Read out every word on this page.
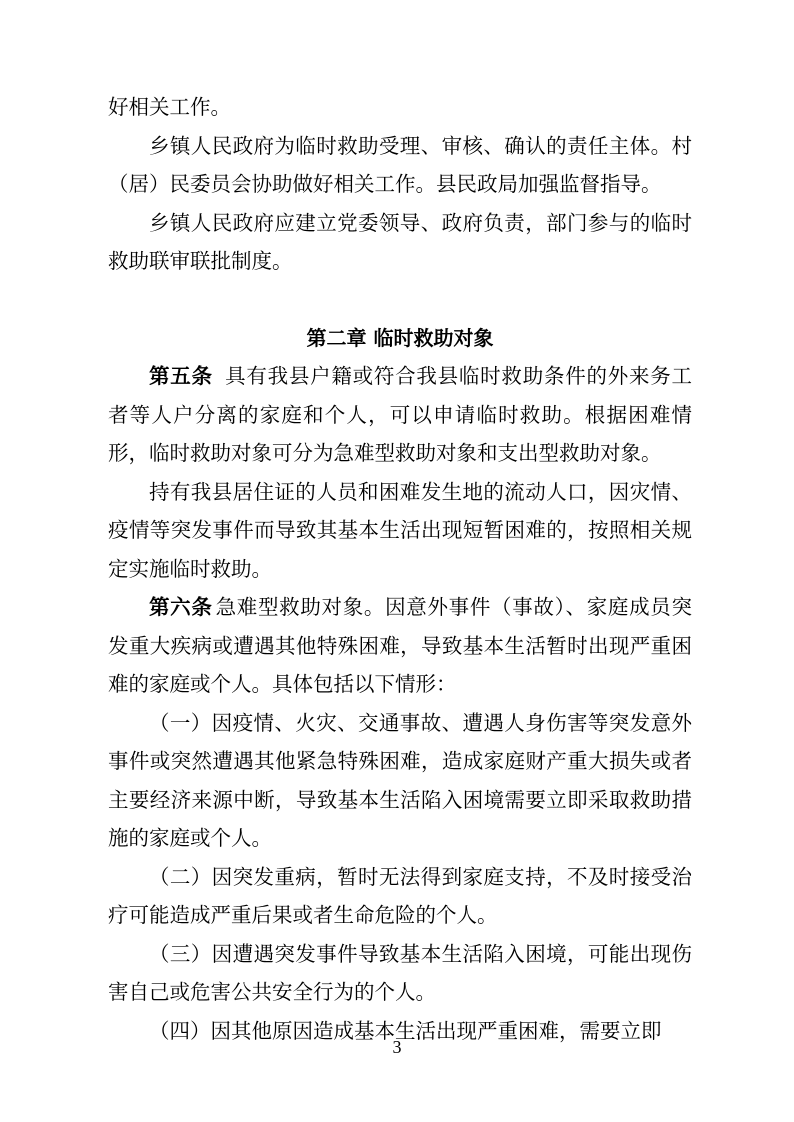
好相关工作。

乡镇人民政府为临时救助受理、审核、确认的责任主体。村（居）民委员会协助做好相关工作。县民政局加强监督指导。

乡镇人民政府应建立党委领导、政府负责，部门参与的临时救助联审联批制度。

第二章 临时救助对象

第五条 具有我县户籍或符合我县临时救助条件的外来务工者等人户分离的家庭和个人，可以申请临时救助。根据困难情形，临时救助对象可分为急难型救助对象和支出型救助对象。

持有我县居住证的人员和困难发生地的流动人口，因灾情、疫情等突发事件而导致其基本生活出现短暂困难的，按照相关规定实施临时救助。

第六条 急难型救助对象。因意外事件（事故）、家庭成员突发重大疾病或遭遇其他特殊困难，导致基本生活暂时出现严重困难的家庭或个人。具体包括以下情形：

（一）因疫情、火灾、交通事故、遭遇人身伤害等突发意外事件或突然遭遇其他紧急特殊困难，造成家庭财产重大损失或者主要经济来源中断，导致基本生活陷入困境需要立即采取救助措施的家庭或个人。

（二）因突发重病，暂时无法得到家庭支持，不及时接受治疗可能造成严重后果或者生命危险的个人。

（三）因遭遇突发事件导致基本生活陷入困境，可能出现伤害自己或危害公共安全行为的个人。

（四）因其他原因造成基本生活出现严重困难，需要立即

3
